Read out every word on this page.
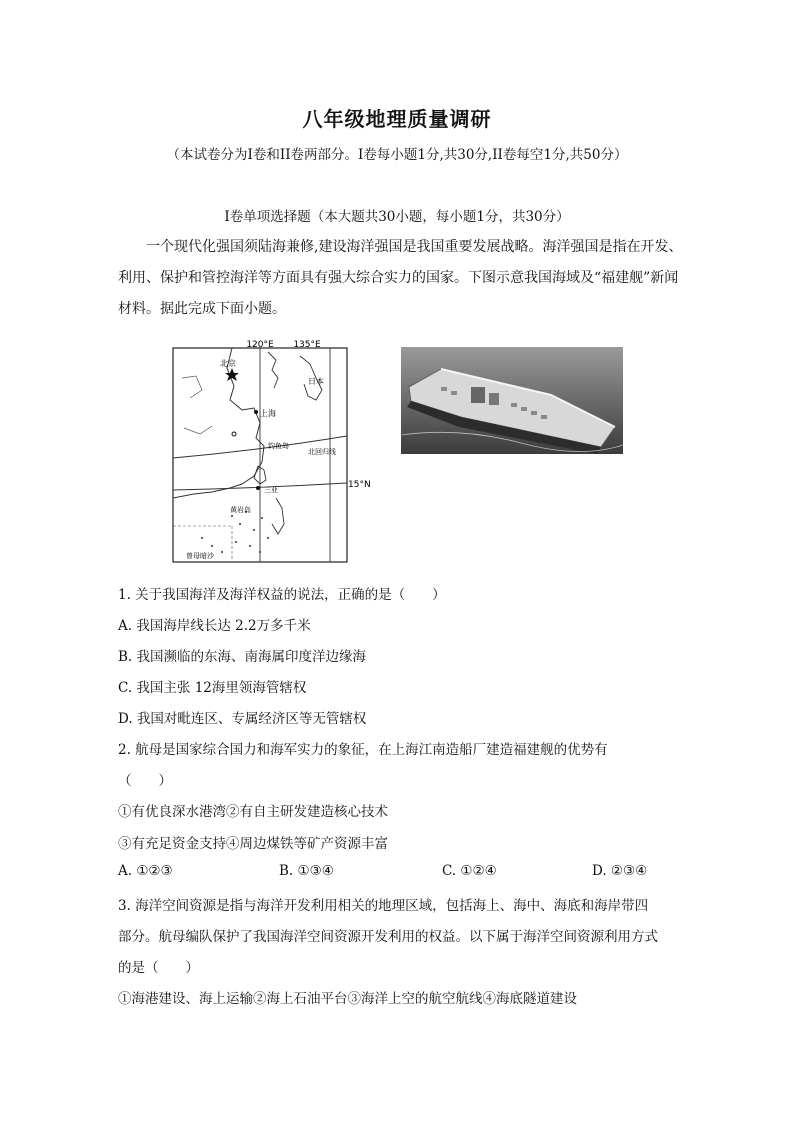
八年级地理质量调研
（本试卷分为Ⅰ卷和II卷两部分。Ⅰ卷每小题1分,共30分,II卷每空1分,共50分）
Ⅰ卷单项选择题（本大题共30小题，每小题1分，共30分）
一个现代化强国须陆海兼修,建设海洋强国是我国重要发展战略。海洋强国是指在开发、利用、保护和管控海洋等方面具有强大综合实力的国家。下图示意我国海域及“福建舰”新闻材料。据此完成下面小题。
120°E 135°E
15°N
北京
上海
钓鱼岛
北回归线
三亚
黄岩岛
日本
曾母暗沙
1. 关于我国海洋及海洋权益的说法，正确的是（　　）
A. 我国海岸线长达 2.2万多千米
B. 我国濒临的东海、南海属印度洋边缘海
C. 我国主张 12海里领海管辖权
D. 我国对毗连区、专属经济区等无管辖权
2. 航母是国家综合国力和海军实力的象征，在上海江南造船厂建造福建舰的优势有
（　　）
①有优良深水港湾②有自主研发建造核心技术
③有充足资金支持④周边煤铁等矿产资源丰富
A. ①②③	B. ①③④	C. ①②④	D. ②③④
3. 海洋空间资源是指与海洋开发利用相关的地理区域，包括海上、海中、海底和海岸带四
部分。航母编队保护了我国海洋空间资源开发利用的权益。以下属于海洋空间资源利用方式
的是（　　）
①海港建设、海上运输②海上石油平台③海洋上空的航空航线④海底隧道建设
